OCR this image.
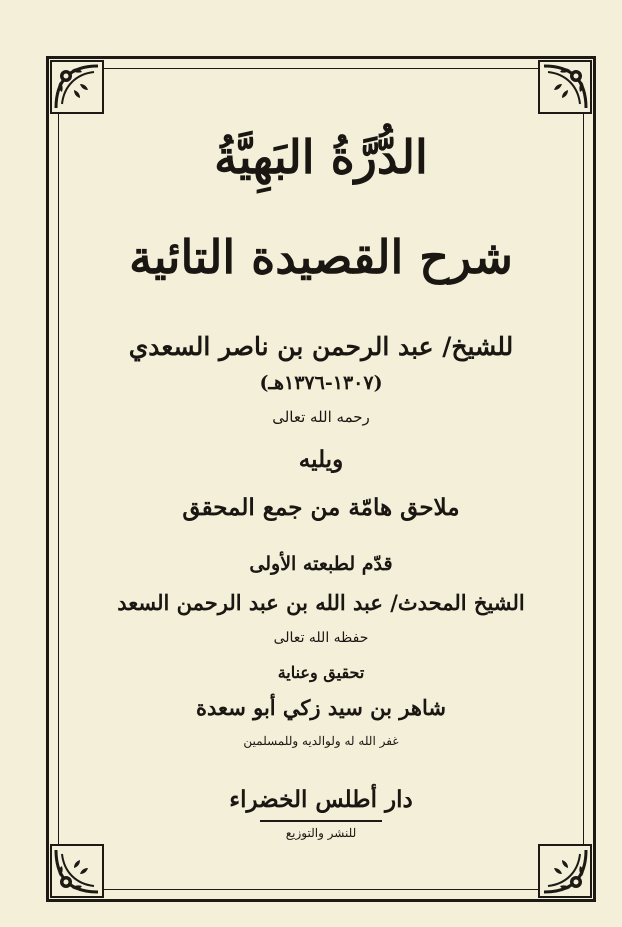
الدُّرَّةُ البَهِيَّةُ
شرح القصيدة التائية
للشيخ/ عبد الرحمن بن ناصر السعدي
(١٣٠٧-١٣٧٦هـ)
رحمه الله تعالى
ويليه
ملاحق هامّة من جمع المحقق
قدّم لطبعته الأولى
الشيخ المحدث/ عبد الله بن عبد الرحمن السعد
حفظه الله تعالى
تحقيق وعناية
شاهر بن سيد زكي أبو سعدة
غفر الله له ولوالديه وللمسلمين
دار أطلس الخضراء
للنشر والتوزيع
